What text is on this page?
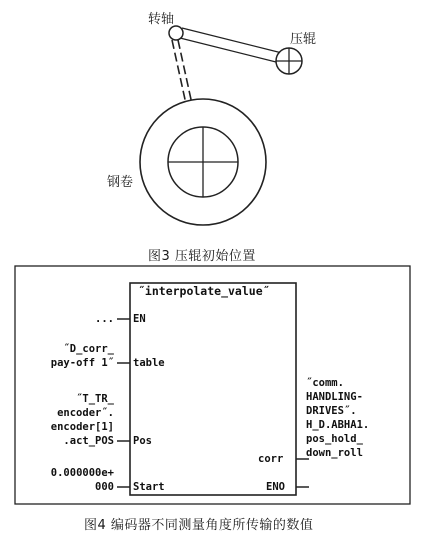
转轴
压辊
钢卷
图3 压辊初始位置
˝interpolate_value˝
EN
table
Pos
Start
corr
ENO
...
˝D_corr_
pay-off 1˝
˝T_TR_
encoder˝.
encoder[1]
.act_POS
0.000000e+
000
˝comm.
HANDLING-
DRIVES˝.
H_D.ABHA1.
pos_hold_
down_roll
图4 编码器不同测量角度所传输的数值
